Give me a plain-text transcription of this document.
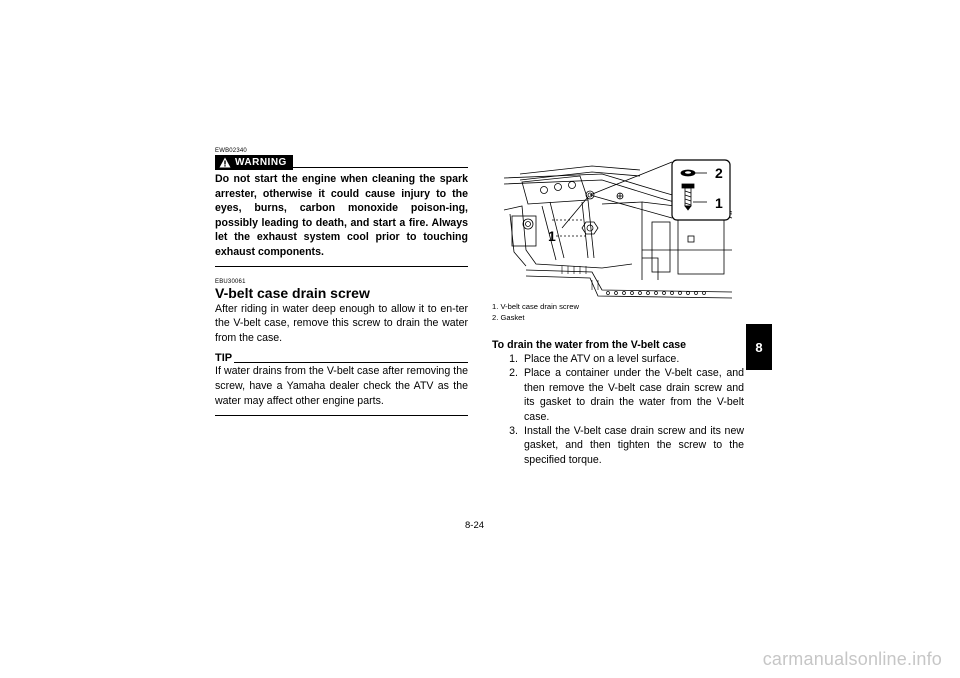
EWB02340
WARNING

Do not start the engine when cleaning the spark arrester, otherwise it could cause injury to the eyes, burns, carbon monoxide poison-ing, possibly leading to death, and start a fire. Always let the exhaust system cool prior to touching exhaust components.

EBU30061
V-belt case drain screw

After riding in water deep enough to allow it to en-ter the V-belt case, remove this screw to drain the water from the case.

TIP

If water drains from the V-belt case after removing the screw, have a Yamaha dealer check the ATV as the water may affect other engine parts.

1
2
1
1. V-belt case drain screw
2. Gasket

To drain the water from the V-belt case

1. Place the ATV on a level surface.
2. Place a container under the V-belt case, and then remove the V-belt case drain screw and its gasket to drain the water from the V-belt case.
3. Install the V-belt case drain screw and its new gasket, and then tighten the screw to the specified torque.
8
8-24
carmanualsonline.info
